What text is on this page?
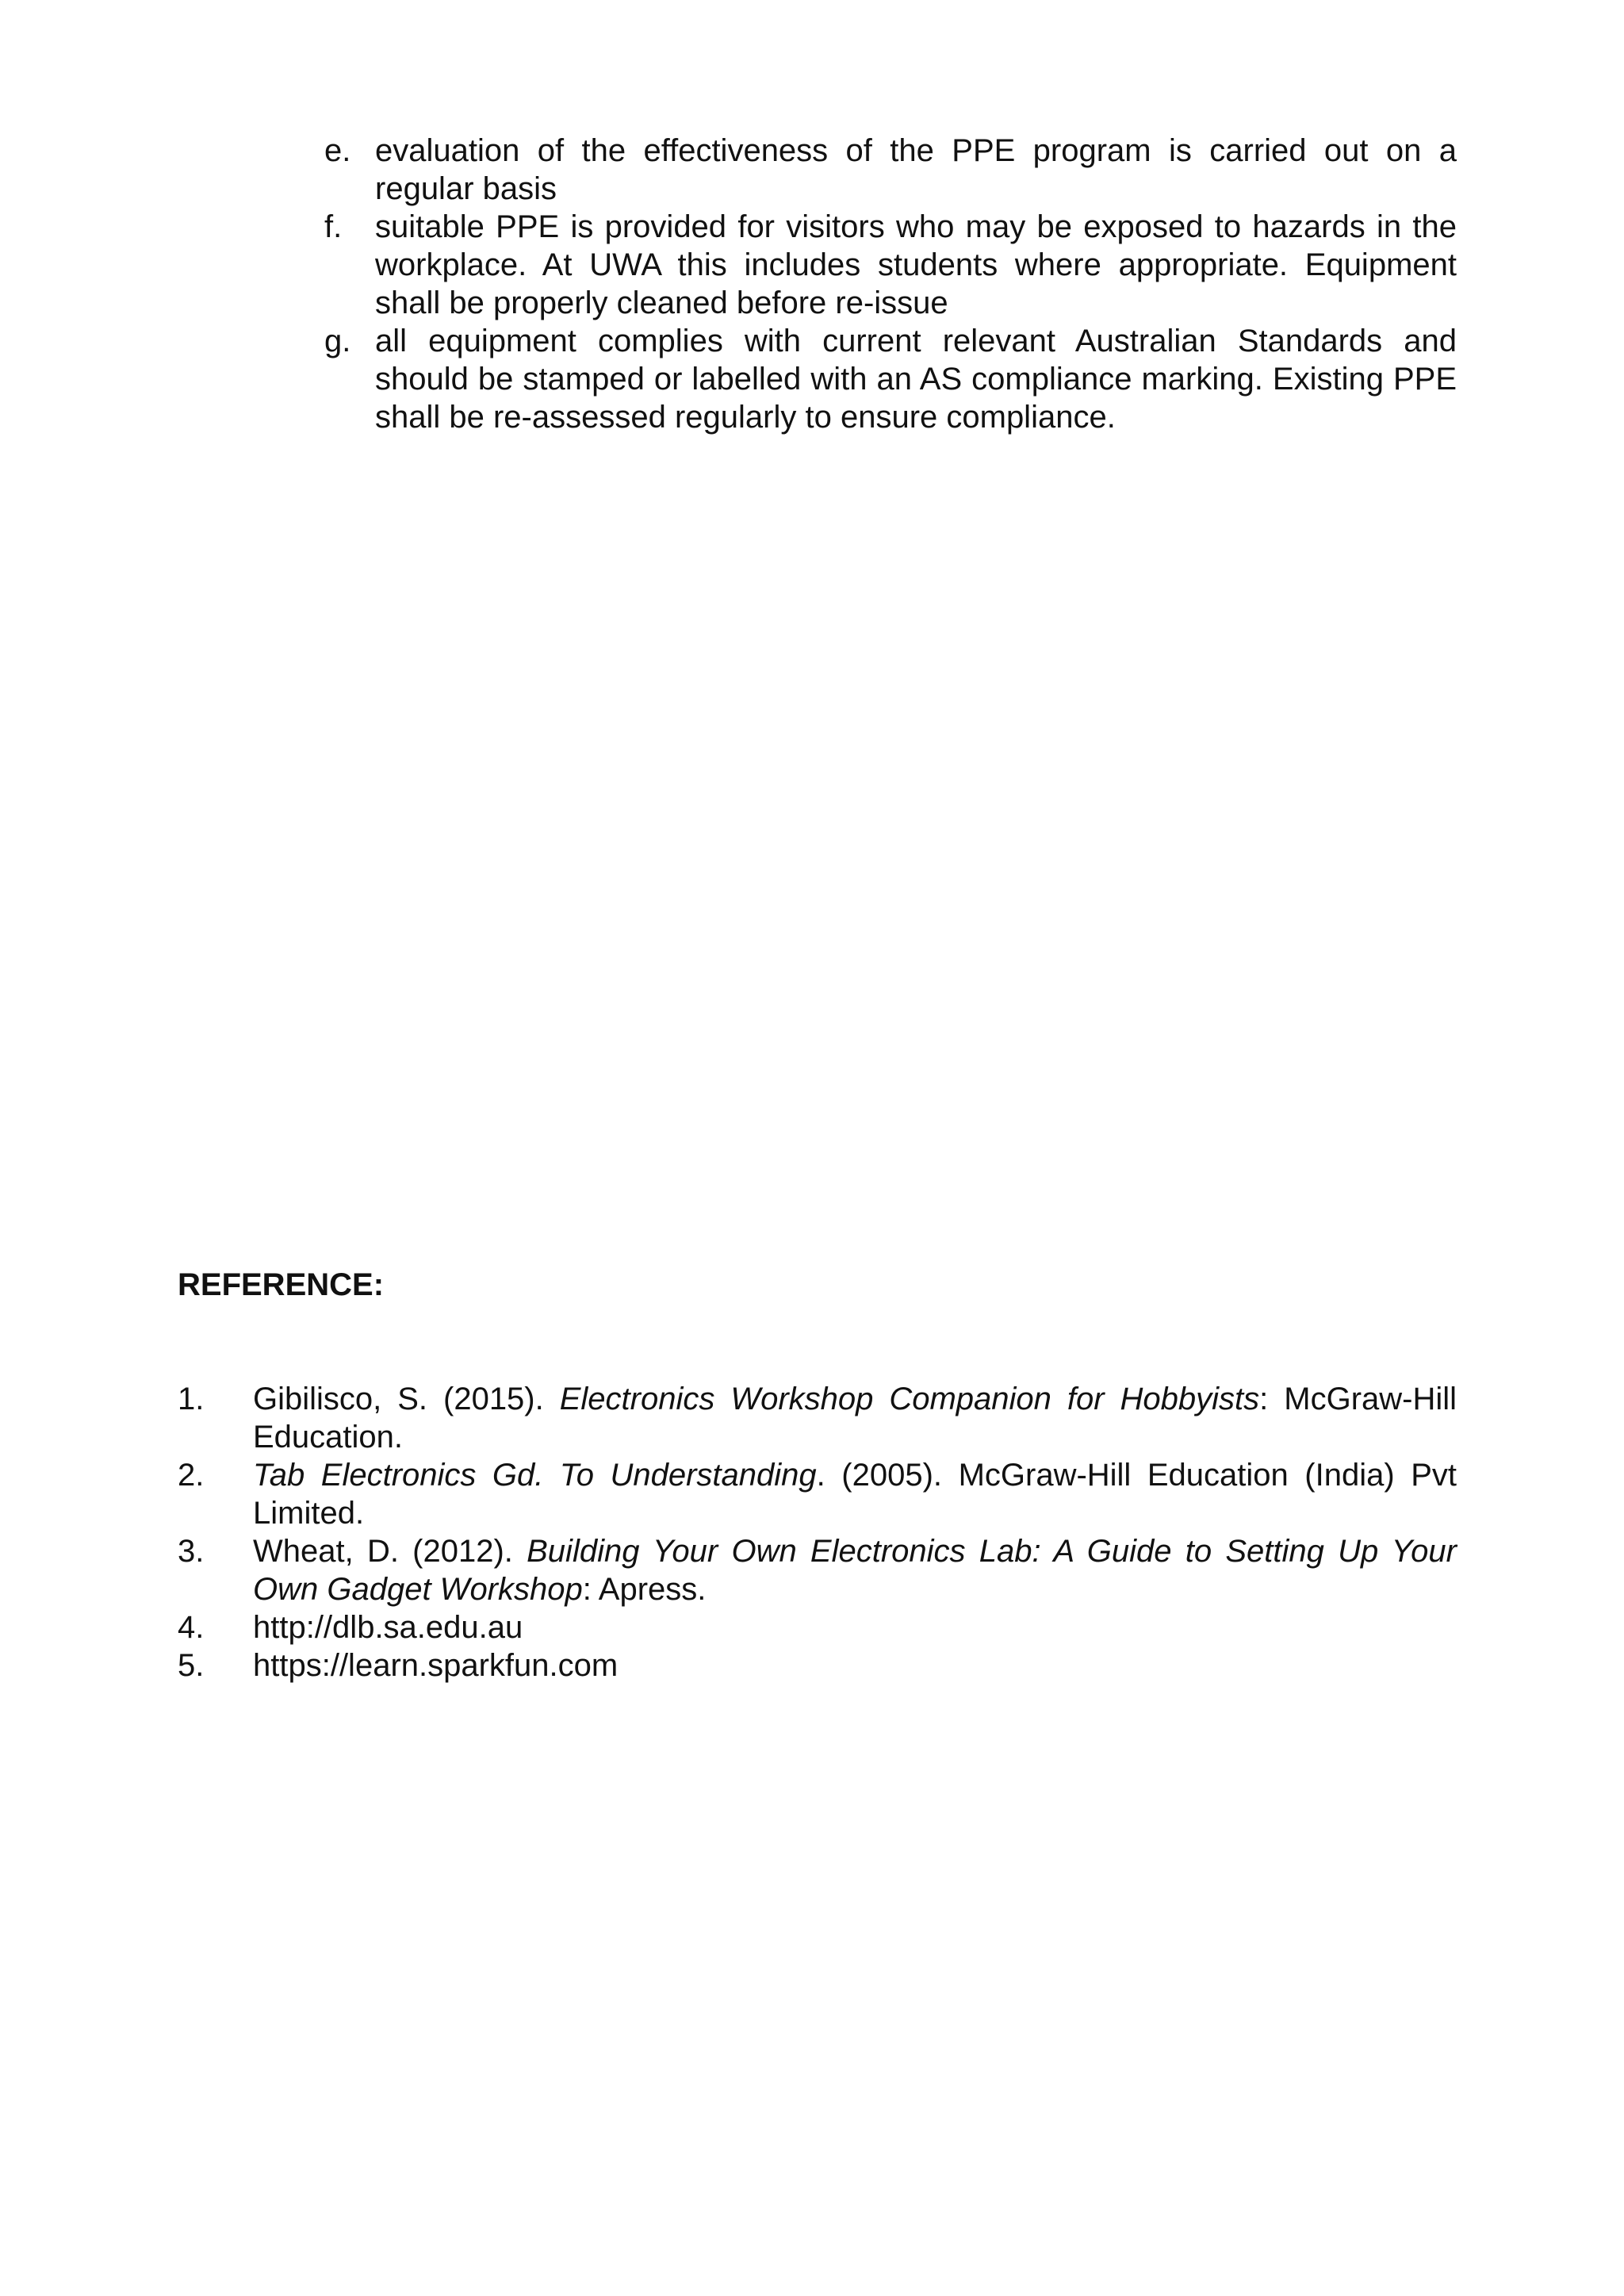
e. evaluation of the effectiveness of the PPE program is carried out on a regular basis
f.	suitable PPE is provided for visitors who may be exposed to hazards in the workplace. At UWA this includes students where appropriate. Equipment shall be properly cleaned before re-issue
g. all equipment complies with current relevant Australian Standards and should be stamped or labelled with an AS compliance marking. Existing PPE shall be re-assessed regularly to ensure compliance.
REFERENCE:
1.	Gibilisco, S. (2015). Electronics Workshop Companion for Hobbyists: McGraw-Hill Education.
2.	Tab Electronics Gd. To Understanding. (2005). McGraw-Hill Education (India) Pvt Limited.
3.	Wheat, D. (2012). Building Your Own Electronics Lab: A Guide to Setting Up Your Own Gadget Workshop: Apress.
4.	http://dlb.sa.edu.au
5.	https://learn.sparkfun.com
